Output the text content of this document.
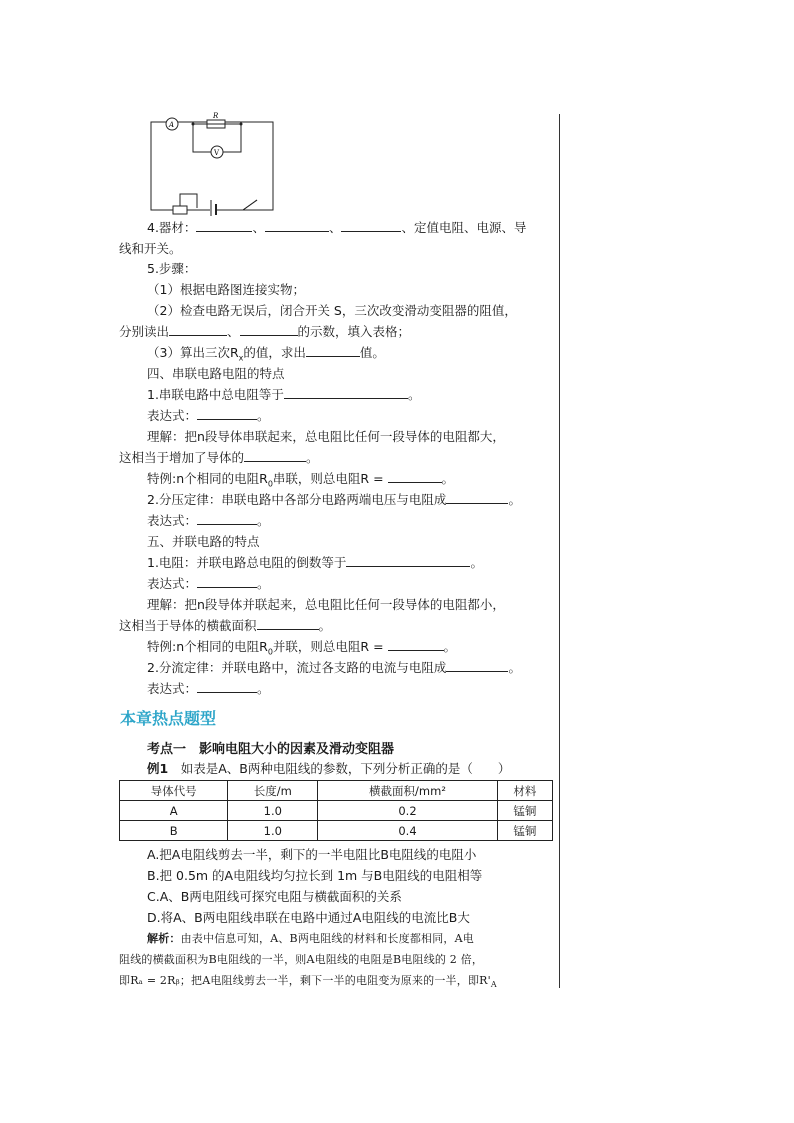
A
R
V
4.器材：	、	、	、定值电阻、电源、导
线和开关。
5.步骤：
（1）根据电路图连接实物；
（2）检查电路无误后，闭合开关 S，三次改变滑动变阻器的阻值，
分别读出	、	的示数，填入表格；
（3）算出三次$R_x$的值，求出	值。
四、串联电路电阻的特点
1.串联电路中总电阻等于	。
表达式：	。
理解：把n段导体串联起来，总电阻比任何一段导体的电阻都大，
这相当于增加了导体的	。
特例:n个相同的电阻$R_0$串联，则总电阻R =	。
2.分压定律：串联电路中各部分电路两端电压与电阻成	。
表达式：	。
五、并联电路的特点
1.电阻：并联电路总电阻的倒数等于	。
表达式：	。
理解：把n段导体并联起来，总电阻比任何一段导体的电阻都小，
这相当于导体的横截面积	。
特例:n个相同的电阻$R_0$并联，则总电阻R =	。
2.分流定律：并联电路中，流过各支路的电流与电阻成	。
表达式：	。
本章热点题型
考点一　影响电阻大小的因素及滑动变阻器
例1　如表是A、B两种电阻线的参数，下列分析正确的是（　　）
导体代号	长度/m	横截面积/mm²	材料
A	1.0	0.2	锰铜
B	1.0	0.4	锰铜
A.把A电阻线剪去一半，剩下的一半电阻比B电阻线的电阻小
B.把 0.5m 的A电阻线均匀拉长到 1m 与B电阻线的电阻相等
C.A、B两电阻线可探究电阻与横截面积的关系
D.将A、B两电阻线串联在电路中通过A电阻线的电流比B大
解析：由表中信息可知，A、B两电阻线的材料和长度都相同，A电
阻线的横截面积为B电阻线的一半，则A电阻线的电阻是B电阻线的 2 倍，
即Rₐ = 2Rᵦ；把A电阻线剪去一半，剩下一半的电阻变为原来的一半，即$R'_A$
